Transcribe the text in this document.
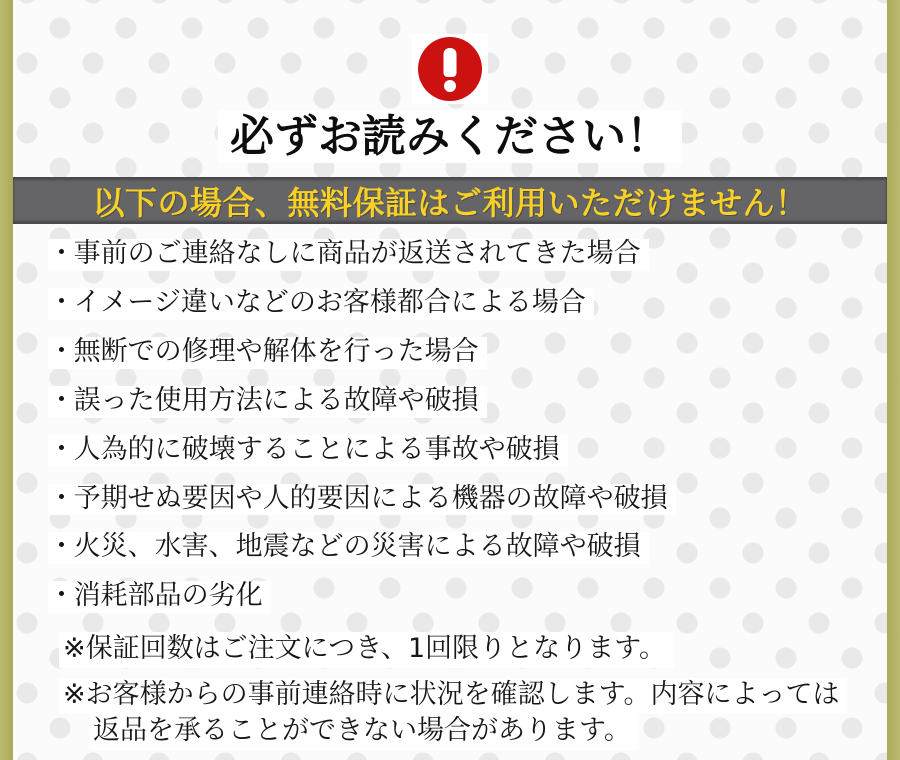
必ずお読みください！
以下の場合、無料保証はご利用いただけません！
・事前のご連絡なしに商品が返送されてきた場合
・イメージ違いなどのお客様都合による場合
・無断での修理や解体を行った場合
・誤った使用方法による故障や破損
・人為的に破壊することによる事故や破損
・予期せぬ要因や人的要因による機器の故障や破損
・火災、水害、地震などの災害による故障や破損
・消耗部品の劣化
※保証回数はご注文につき、1回限りとなります。
※お客様からの事前連絡時に状況を確認します。内容によっては
返品を承ることができない場合があります。
